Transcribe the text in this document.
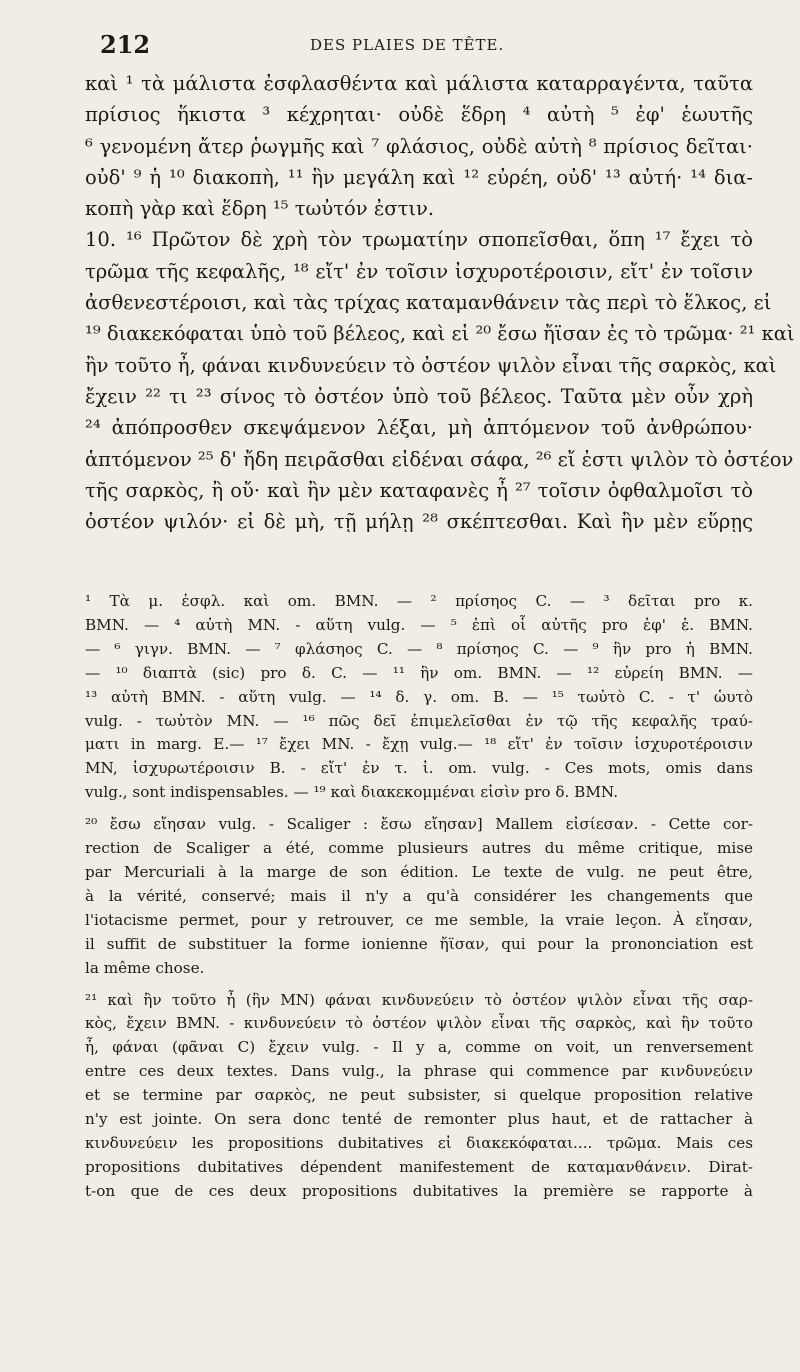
212	DES PLAIES DE TÊTE.
καὶ ¹ τὰ μάλιστα ἐσφλασθέντα καὶ μάλιστα καταρραγέντα, ταῦτα
πρίσιος ἥκιστα ³ κέχρηται· οὐδὲ ἕδρη ⁴ αὐτὴ ⁵ ἐφ' ἑωυτῆς
⁶ γενομένη ἄτερ ῥωγμῆς καὶ ⁷ φλάσιος, οὐδὲ αὐτὴ ⁸ πρίσιος δεῖται·
οὐδ' ⁹ ἡ ¹⁰ διακοπὴ, ¹¹ ἣν μεγάλη καὶ ¹² εὐρέη, οὐδ' ¹³ αὐτή· ¹⁴ δια-
κοπὴ γὰρ καὶ ἕδρη ¹⁵ τωὐτόν ἐστιν.
10. ¹⁶ Πρῶτον δὲ χρὴ τὸν τρωματίην σποπεῖσθαι, ὅπη ¹⁷ ἔχει τὸ
τρῶμα τῆς κεφαλῆς, ¹⁸ εἴτ' ἐν τοῖσιν ἰσχυροτέροισιν, εἴτ' ἐν τοῖσιν
ἀσθενεστέροισι, καὶ τὰς τρίχας καταμανθάνειν τὰς περὶ τὸ ἕλκος, εἰ
¹⁹ διακεκόφαται ὑπὸ τοῦ βέλεος, καὶ εἰ ²⁰ ἔσω ἤϊσαν ἐς τὸ τρῶμα· ²¹ καὶ
ἢν τοῦτο ἦ, φάναι κινδυνεύειν τὸ ὀστέον ψιλὸν εἶναι τῆς σαρκὸς, καὶ
ἔχειν ²² τι ²³ σίνος τὸ ὀστέον ὑπὸ τοῦ βέλεος. Ταῦτα μὲν οὖν χρὴ
²⁴ ἀπόπροσθεν σκεψάμενον λέξαι, μὴ ἁπτόμενον τοῦ ἀνθρώπου·
ἁπτόμενον ²⁵ δ' ἤδη πειρᾶσθαι εἰδέναι σάφα, ²⁶ εἴ ἐστι ψιλὸν τὸ ὀστέον
τῆς σαρκὸς, ἢ οὔ· καὶ ἢν μὲν καταφανὲς ἦ ²⁷ τοῖσιν ὀφθαλμοῖσι τὸ
ὀστέον ψιλόν· εἰ δὲ μὴ, τῇ μήλῃ ²⁸ σκέπτεσθαι. Καὶ ἢν μὲν εὕρῃς
¹ Τὰ μ. ἐσφλ. καὶ om. BMN. — ² πρίσηος C. — ³ δεῖται pro κ.
BMN. — ⁴ αὐτὴ MN. - αὕτη vulg. — ⁵ ἐπὶ οἷ αὐτῆς pro ἐφ' ἑ. BMN.
— ⁶ γιγν. BMN. — ⁷ φλάσηος C. — ⁸ πρίσηος C. — ⁹ ἣν pro ἡ BMN.
— ¹⁰ διαπτὰ (sic) pro δ. C. — ¹¹ ἣν om. BMN. — ¹² εὐρείη BMN. —
¹³ αὐτὴ BMN. - αὕτη vulg. — ¹⁴ δ. γ. om. B. — ¹⁵ τωὐτὸ C. - τ' ὡυτὸ
vulg. - τωὐτὸν MN. — ¹⁶ πῶς δεῖ ἐπιμελεῖσθαι ἐν τῷ τῆς κεφαλῆς τραύ-
ματι in marg. E.— ¹⁷ ἔχει MN. - ἔχῃ vulg.— ¹⁸ εἴτ' ἐν τοῖσιν ἰσχυροτέροισιν
MN, ἰσχυρωτέροισιν B. - εἴτ' ἐν τ. ἰ. om. vulg. - Ces mots, omis dans
vulg., sont indispensables. — ¹⁹ καὶ διακεκομμέναι εἰσὶν pro δ. BMN.
²⁰ ἔσω εἴησαν vulg. - Scaliger : ἔσω εἴησαν] Mallem εἰσίεσαν. - Cette cor-
rection de Scaliger a été, comme plusieurs autres du même critique, mise
par Mercuriali à la marge de son édition. Le texte de vulg. ne peut être,
à la vérité, conservé; mais il n'y a qu'à considérer les changements que
l'iotacisme permet, pour y retrouver, ce me semble, la vraie leçon. À εἴησαν,
il suffit de substituer la forme ionienne ἤϊσαν, qui pour la prononciation est
la même chose.
²¹ καὶ ἢν τοῦτο ἦ (ἣν MN) φάναι κινδυνεύειν τὸ ὀστέον ψιλὸν εἶναι τῆς σαρ-
κὸς, ἔχειν BMN. - κινδυνεύειν τὸ ὀστέον ψιλὸν εἶναι τῆς σαρκὸς, καὶ ἢν τοῦτο
ἦ, φάναι (φᾶναι C) ἔχειν vulg. - Il y a, comme on voit, un renversement
entre ces deux textes. Dans vulg., la phrase qui commence par κινδυνεύειν
et se termine par σαρκὸς, ne peut subsister, si quelque proposition relative
n'y est jointe. On sera donc tenté de remonter plus haut, et de rattacher à
κινδυνεύειν les propositions dubitatives εἰ διακεκόφαται.... τρῶμα. Mais ces
propositions dubitatives dépendent manifestement de καταμανθάνειν. Dirat-
t-on que de ces deux propositions dubitatives la première se rapporte à
